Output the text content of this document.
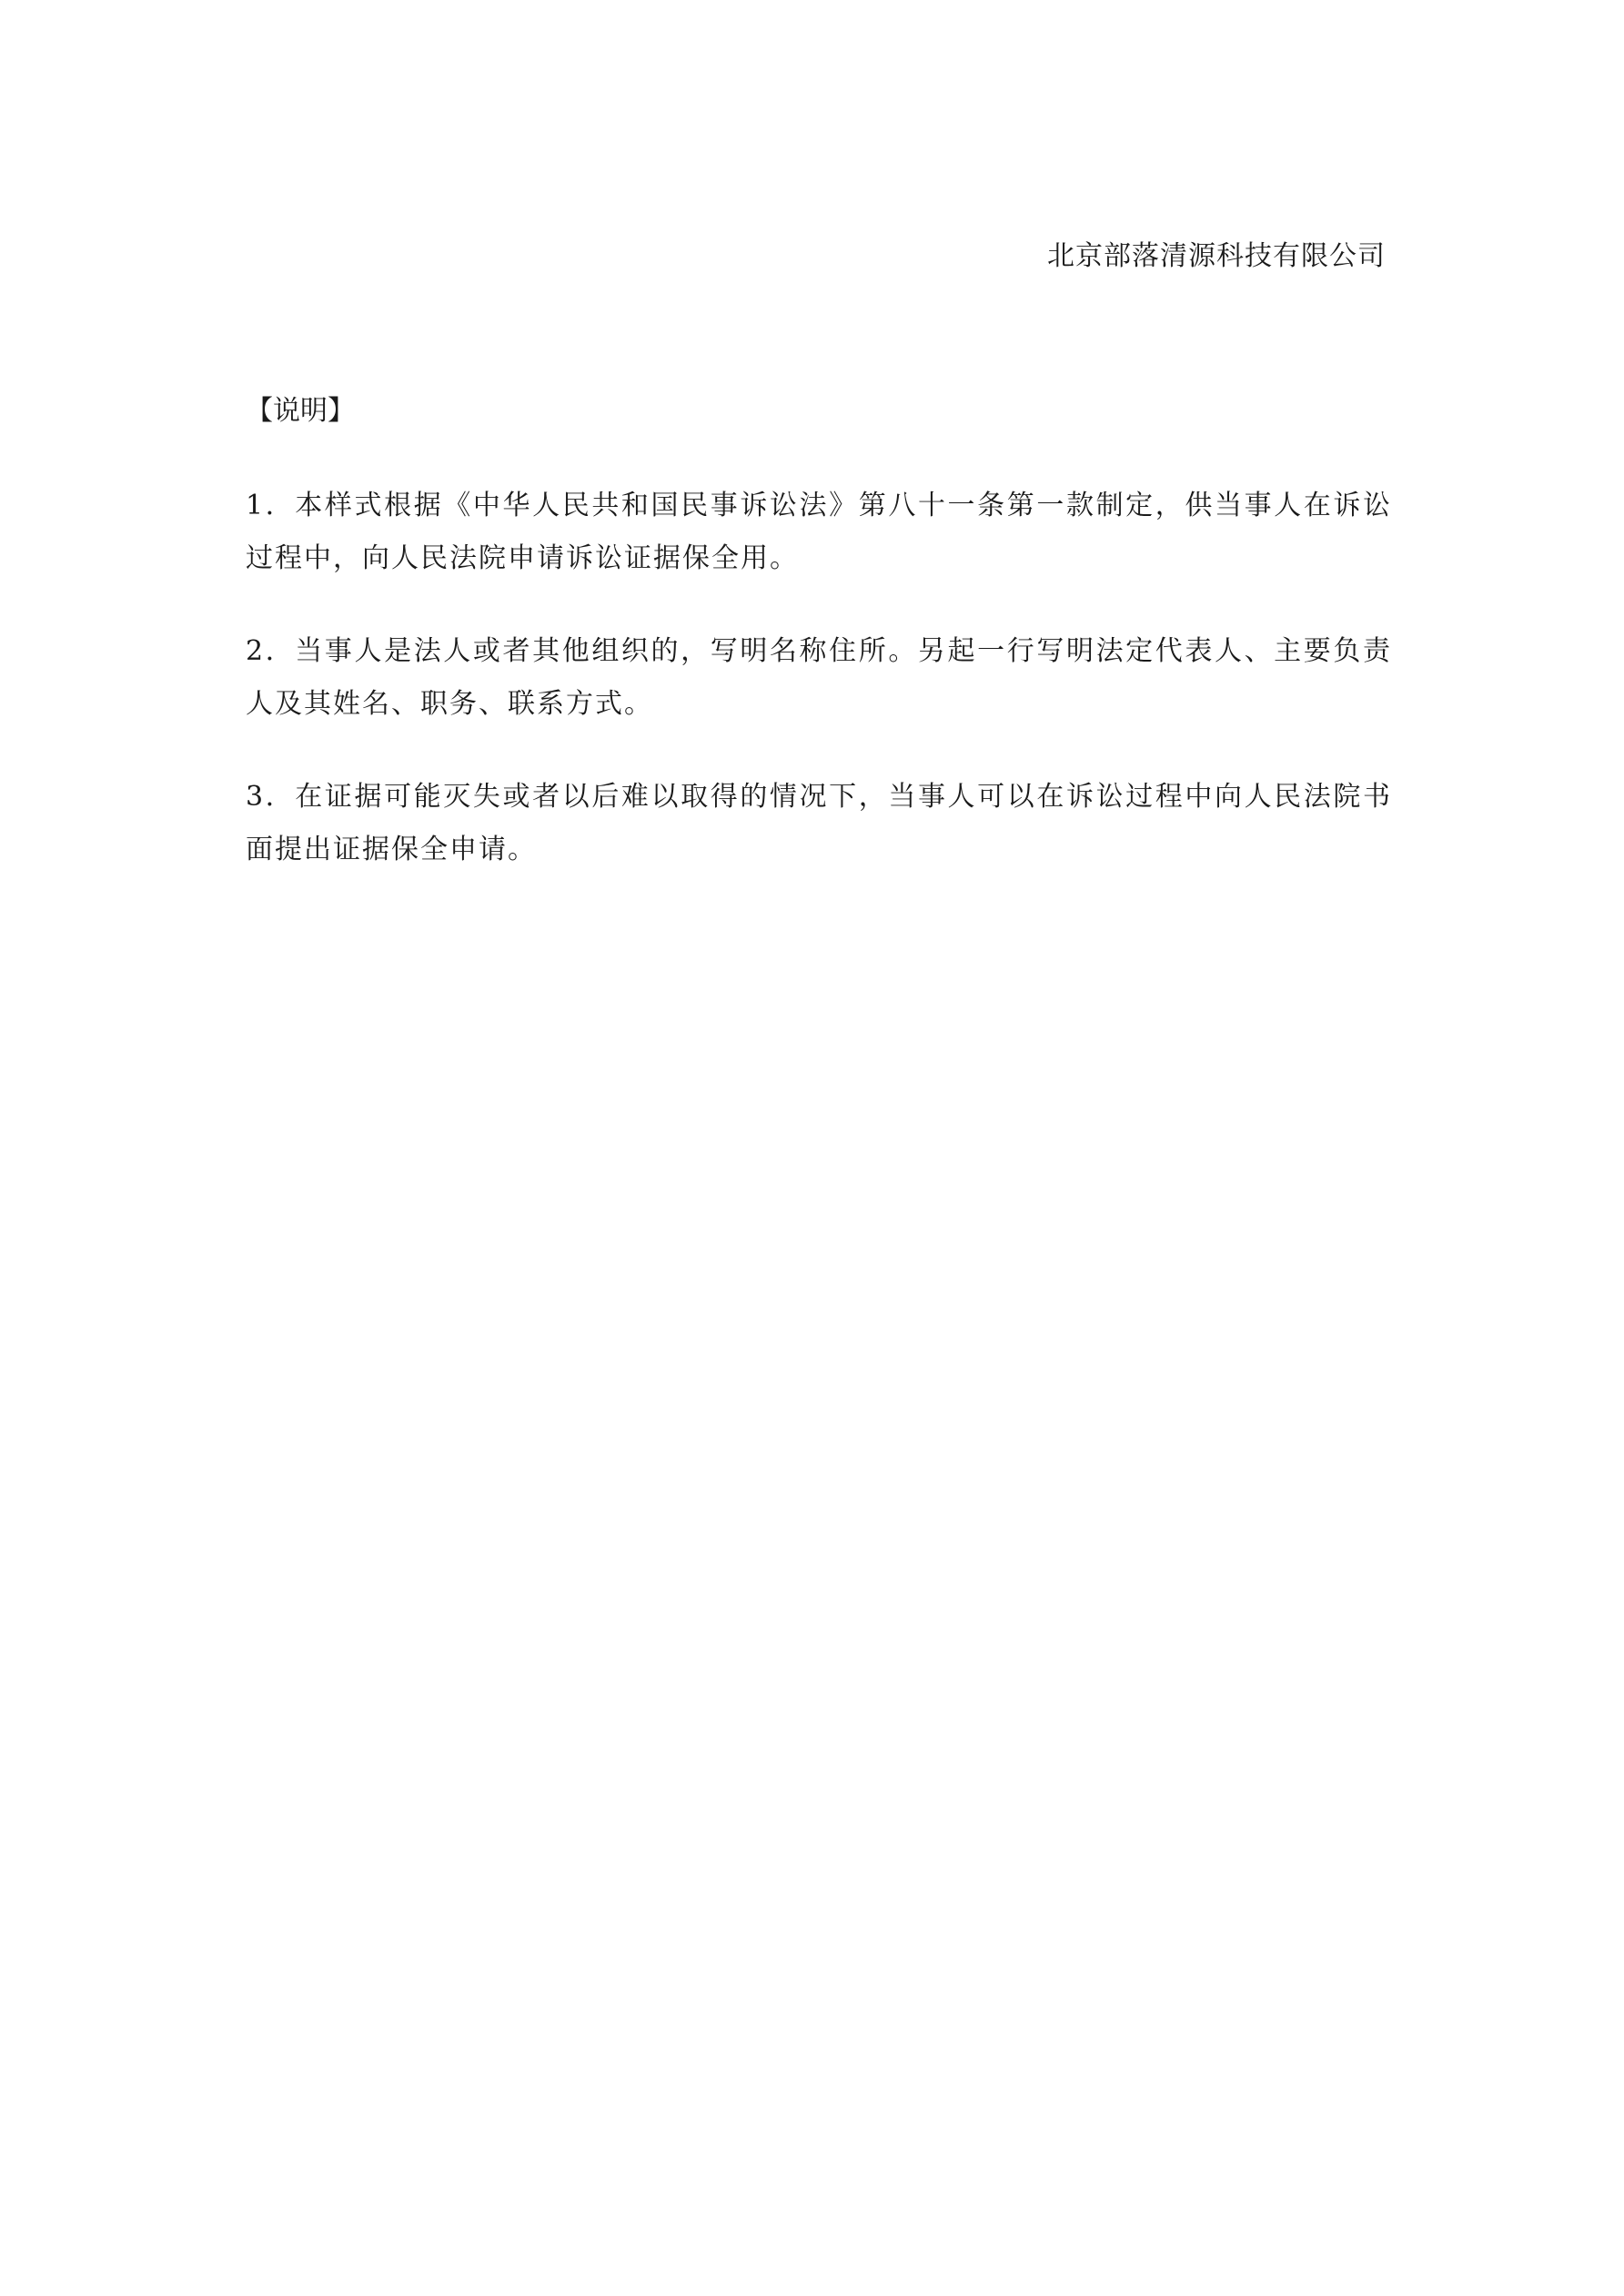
北京部落清源科技有限公司
【说明】

1．本样式根据《中华人民共和国民事诉讼法》第八十一条第一款制定，供当事人在诉讼过程中，向人民法院申请诉讼证据保全用。

2．当事人是法人或者其他组织的，写明名称住所。另起一行写明法定代表人、主要负责人及其姓名、职务、联系方式。

3．在证据可能灭失或者以后难以取得的情况下，当事人可以在诉讼过程中向人民法院书面提出证据保全申请。
